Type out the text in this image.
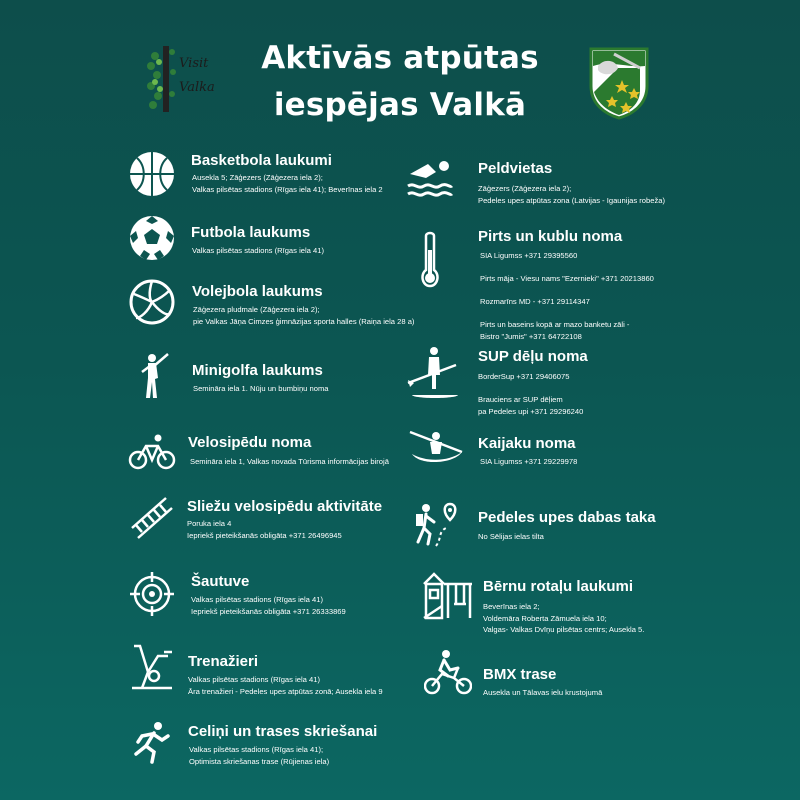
Aktīvās atpūtas
iespējas Valkā
Visit
Valka
Basketbola laukumi
Auseklа 5; Zāģezers (Zāģezera iela 2);
Valkas pilsētas stadions (Rīgas iela 41); Beverīnas iela 2
Futbola laukums
Valkas pilsētas stadions (Rīgas iela 41)
Volejbola laukums
Zāģezera pludmale (Zāģezera iela 2);
pie Valkas Jāņa Cimzes ģimnāzijas sporta halles (Raiņa iela 28 a)
Minigolfa laukums
Seminārа iela 1. Nūju un bumbiņu noma
Velosipēdu noma
Seminārа iela 1, Valkas novada Tūrisma informācijas birojā
Sliežu velosipēdu aktivitāte
Poruka iela 4
Iepriekš pieteikšanās obligāta +371 26496945
Šautuve
Valkas pilsētas stadions (Rīgas iela 41)
Iepriekš pieteikšanās obligāta +371 26333869
Trenažieri
Valkas pilsētas stadions (Rīgas iela 41)
Āra trenažieri - Pedeles upes atpūtas zonā; Auseklа iela 9
Celiņi un trases skriešanai
Valkas pilsētas stadions (Rīgas iela 41);
Optimista skriešanas trase (Rūjienas iela)
Peldvietas
Zāģezers (Zāģezera iela 2);
Pedeles upes atpūtas zona (Latvijas - Igaunijas robeža)
Pirts un kublu noma
SIA Ligumss +371 29395560

Pirts māja - Viesu nams "Ezernieki" +371 20213860

Rozmarīns MD - +371 29114347

Pirts un baseins kopā ar mazo banketu zāli -
Bistro "Jumis" +371 64722108
SUP dēļu noma
BorderSup +371 29406075

Brauciens ar SUP dēļiem
pa Pedeles upi +371 29296240
Kaijaku noma
SIA Ligumss +371 29229978
Pedeles upes dabas taka
No Sēlijas ielas tilta
Bērnu rotaļu laukumi
Beverīnas iela 2;
Voldemāra Roberta Zāmuela iela 10;
Valgas- Valkas Dvīņu pilsētas centrs; Auseklа 5.
BMX trase
Auseklа un Tālavas ielu krustojumā
